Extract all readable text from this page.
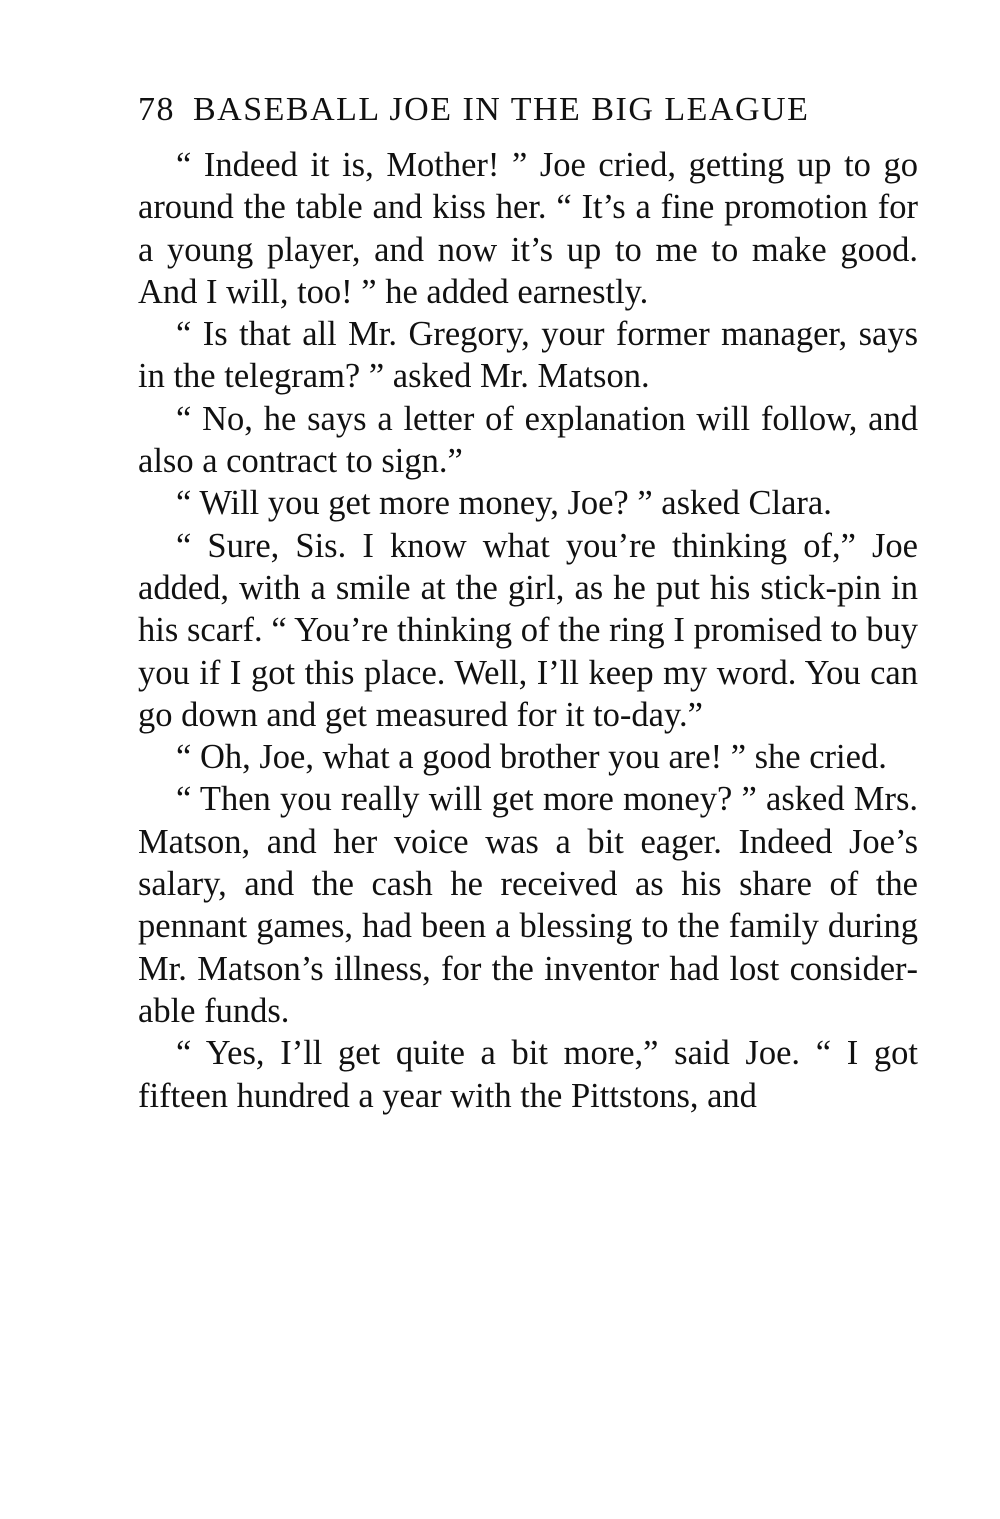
78 BASEBALL JOE IN THE BIG LEAGUE

“ Indeed it is, Mother! ” Joe cried, getting up to go around the table and kiss her. “ It’s a fine promotion for a young player, and now it’s up to me to make good. And I will, too! ” he added earnestly.

“ Is that all Mr. Gregory, your former manager, says in the telegram? ” asked Mr. Matson.

“ No, he says a letter of explanation will follow, and also a contract to sign.”

“ Will you get more money, Joe? ” asked Clara.

“ Sure, Sis. I know what you’re thinking of,” Joe added, with a smile at the girl, as he put his stick-pin in his scarf. “ You’re thinking of the ring I promised to buy you if I got this place. Well, I’ll keep my word. You can go down and get measured for it to-day.”

“ Oh, Joe, what a good brother you are! ” she cried.

“ Then you really will get more money? ” asked Mrs. Matson, and her voice was a bit eager. Indeed Joe’s salary, and the cash he received as his share of the pennant games, had been a blessing to the family during Mr. Matson’s illness, for the inventor had lost considerable funds.

“ Yes, I’ll get quite a bit more,” said Joe. “ I got fifteen hundred a year with the Pittstons, and
